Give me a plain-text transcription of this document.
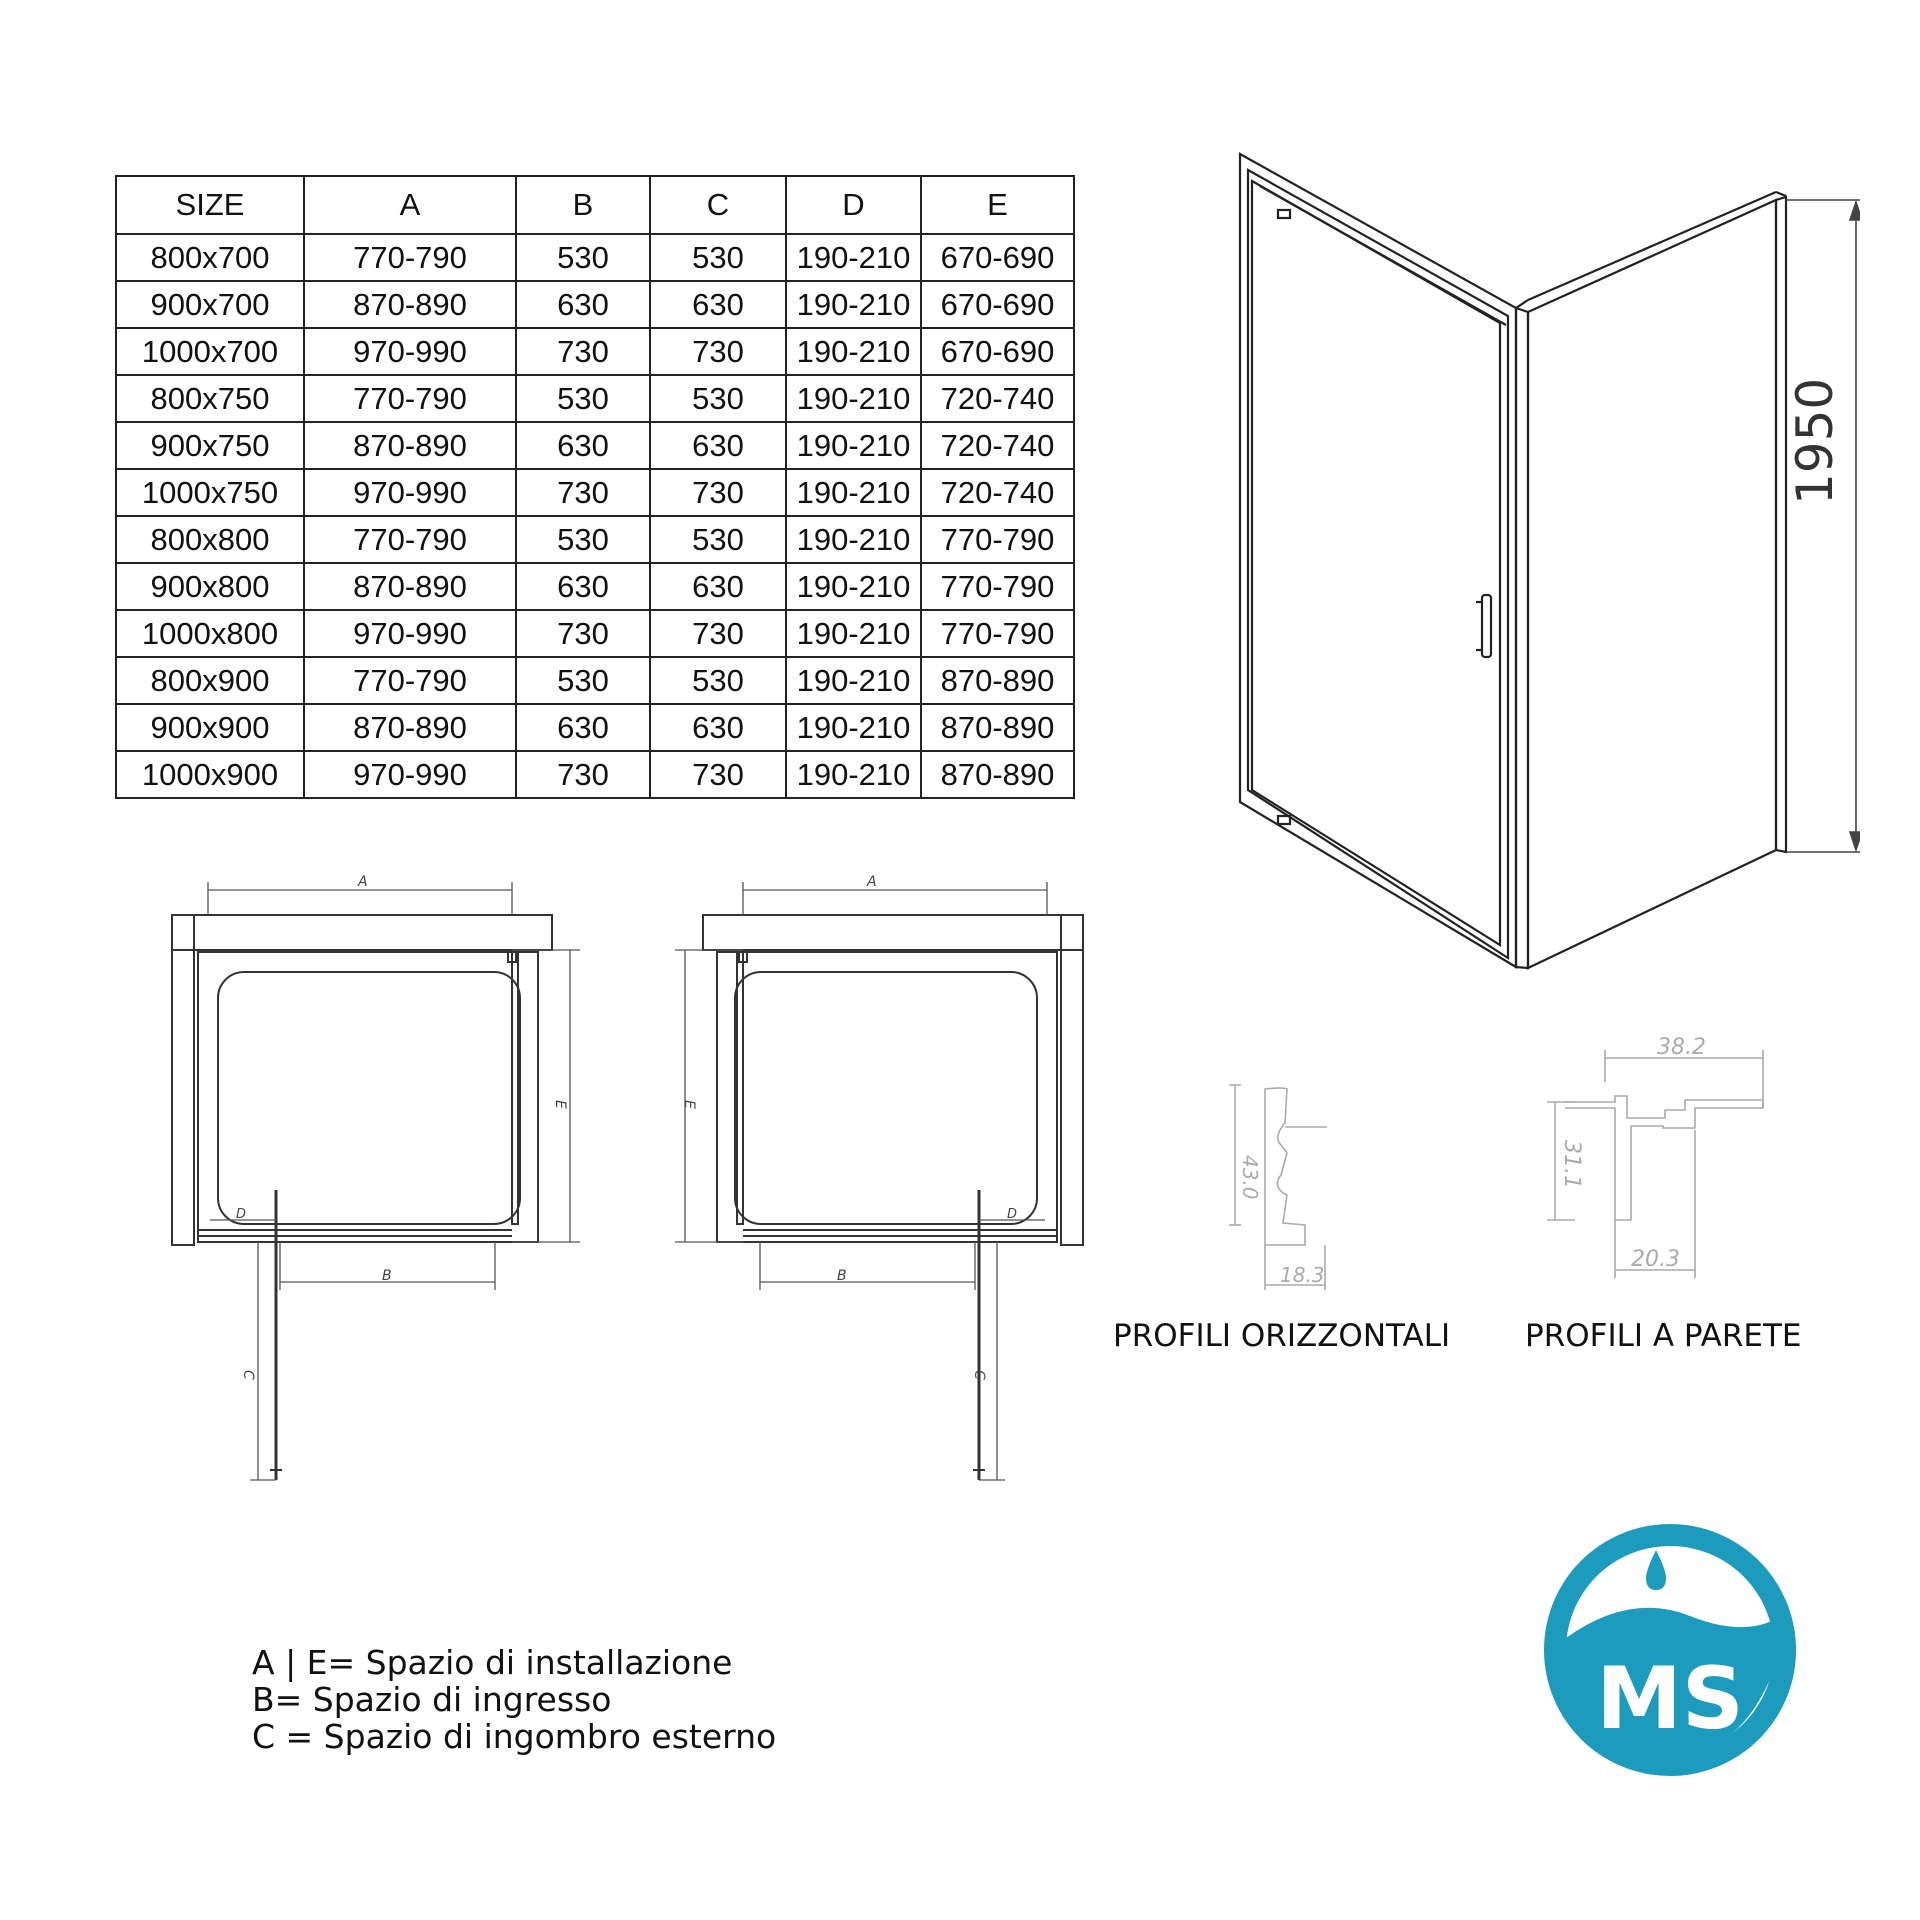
SIZE	A	B	C	D	E
800x700	770-790	530	530	190-210	670-690
900x700	870-890	630	630	190-210	670-690
1000x700	970-990	730	730	190-210	670-690
800x750	770-790	530	530	190-210	720-740
900x750	870-890	630	630	190-210	720-740
1000x750	970-990	730	730	190-210	720-740
800x800	770-790	530	530	190-210	770-790
900x800	870-890	630	630	190-210	770-790
1000x800	970-990	730	730	190-210	770-790
800x900	770-790	530	530	190-210	870-890
900x900	870-890	630	630	190-210	870-890
1000x900	970-990	730	730	190-210	870-890
1950
A
B
D
E
C
A
B
D
E
C
43.0
18.3
38.2
31.1
20.3
PROFILI ORIZZONTALI PROFILI A PARETE
A | E= Spazio di installazione
B= Spazio di ingresso
C = Spazio di ingombro esterno	MS
